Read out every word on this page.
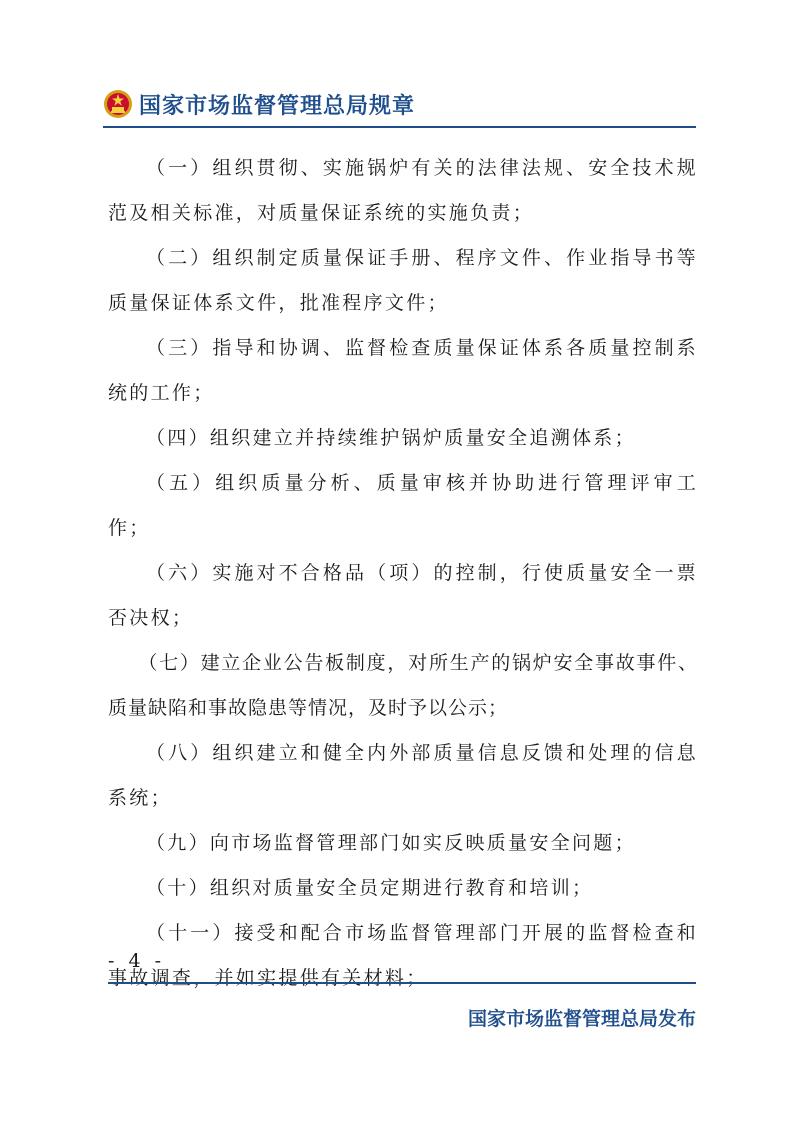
国家市场监督管理总局规章

（一）组织贯彻、实施锅炉有关的法律法规、安全技术规范及相关标准，对质量保证系统的实施负责；

（二）组织制定质量保证手册、程序文件、作业指导书等质量保证体系文件，批准程序文件；

（三）指导和协调、监督检查质量保证体系各质量控制系统的工作；

（四）组织建立并持续维护锅炉质量安全追溯体系；

（五）组织质量分析、质量审核并协助进行管理评审工作；

（六）实施对不合格品（项）的控制，行使质量安全一票否决权；

（七）建立企业公告板制度，对所生产的锅炉安全事故事件、质量缺陷和事故隐患等情况，及时予以公示；

（八）组织建立和健全内外部质量信息反馈和处理的信息系统；

（九）向市场监督管理部门如实反映质量安全问题；

（十）组织对质量安全员定期进行教育和培训；

（十一）接受和配合市场监督管理部门开展的监督检查和事故调查，并如实提供有关材料；

- 4 -
国家市场监督管理总局发布
